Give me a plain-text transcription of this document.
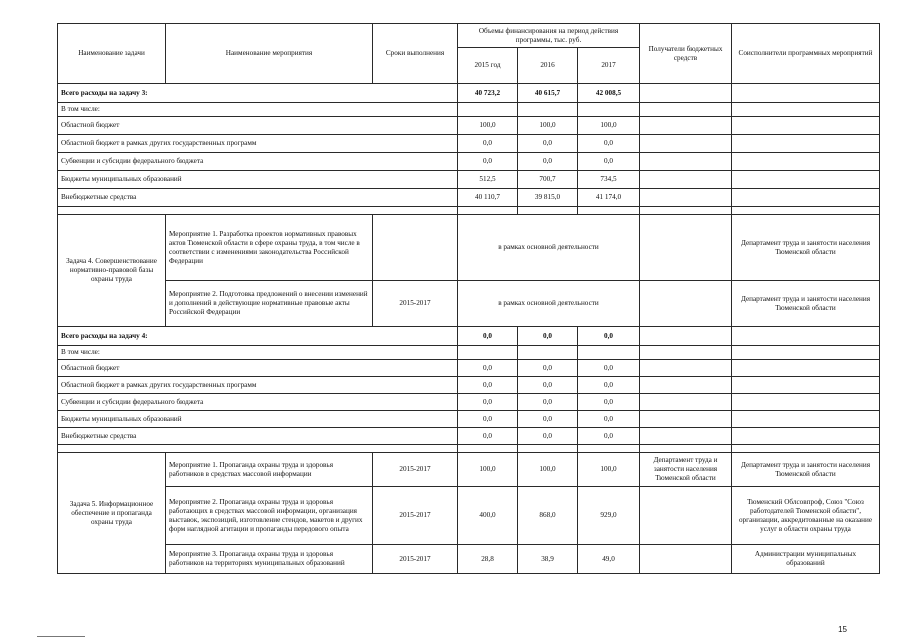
Наименование задачи	Наименование мероприятия	Сроки выполнения	Объемы финансирования на период действия программы, тыс. руб.			Получатели бюджетных средств	Соисполнители программных мероприятий
			2015 год	2016	2017		
Всего расходы на задачу 3:			40 723,2	40 615,7	42 008,5		
В том числе:							
Областной бюджет			100,0	100,0	100,0		
Областной бюджет в рамках других государственных программ			0,0	0,0	0,0		
Субвенции и субсидии федерального бюджета			0,0	0,0	0,0		
Бюджеты муниципальных образований			512,5	700,7	734,5		
Внебюджетные средства			40 110,7	39 815,0	41 174,0		

Задача 4. Совершенствование нормативно-правовой базы охраны труда	Мероприятие 1. Разработка проектов нормативных правовых актов Тюменской области в сфере охраны труда, в том числе в соответствии с изменениями законодательства Российской Федерации		в рамках основной деятельности				Департамент труда и занятости населения Тюменской области
	Мероприятие 2. Подготовка предложений о внесении изменений и дополнений в действующие нормативные правовые акты Российской Федерации	2015-2017	в рамках основной деятельности				Департамент труда и занятости населения Тюменской области
Всего расходы на задачу 4:			0,0	0,0	0,0		
В том числе:							
Областной бюджет			0,0	0,0	0,0		
Областной бюджет в рамках других государственных программ			0,0	0,0	0,0		
Субвенции и субсидии федерального бюджета			0,0	0,0	0,0		
Бюджеты муниципальных образований			0,0	0,0	0,0		
Внебюджетные средства			0,0	0,0	0,0		

Задача 5. Информационное обеспечение и пропаганда охраны труда	Мероприятие 1. Пропаганда охраны труда и здоровья работников в средствах массовой информации	2015-2017	100,0	100,0	100,0	Департамент труда и занятости населения Тюменской области	Департамент труда и занятости населения Тюменской области
	Мероприятие 2. Пропаганда охраны труда и здоровья работающих в средствах массовой информации, организация выставок, экспозиций, изготовление стендов, макетов и других форм наглядной агитации и пропаганды передового опыта	2015-2017	400,0	868,0	929,0		Тюменский Облсовпроф, Союз "Союз работодателей Тюменской области", организации, аккредитованные на оказание услуг в области охраны труда
	Мероприятие 3. Пропаганда охраны труда и здоровья работников на территориях муниципальных образований	2015-2017	28,8	38,9	49,0		Администрации муниципальных образований
15
